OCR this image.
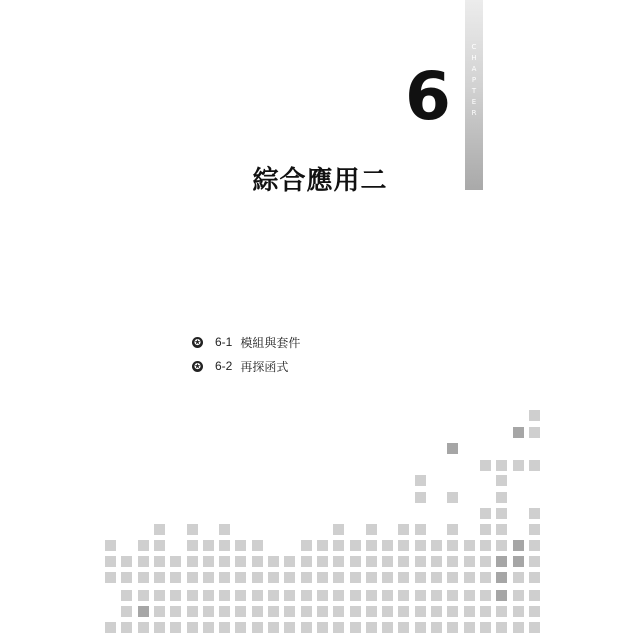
C
H
A
P
T
E
R
6
綜合應用二
✪ 6-1 模組與套件
✪ 6-2 再探函式
